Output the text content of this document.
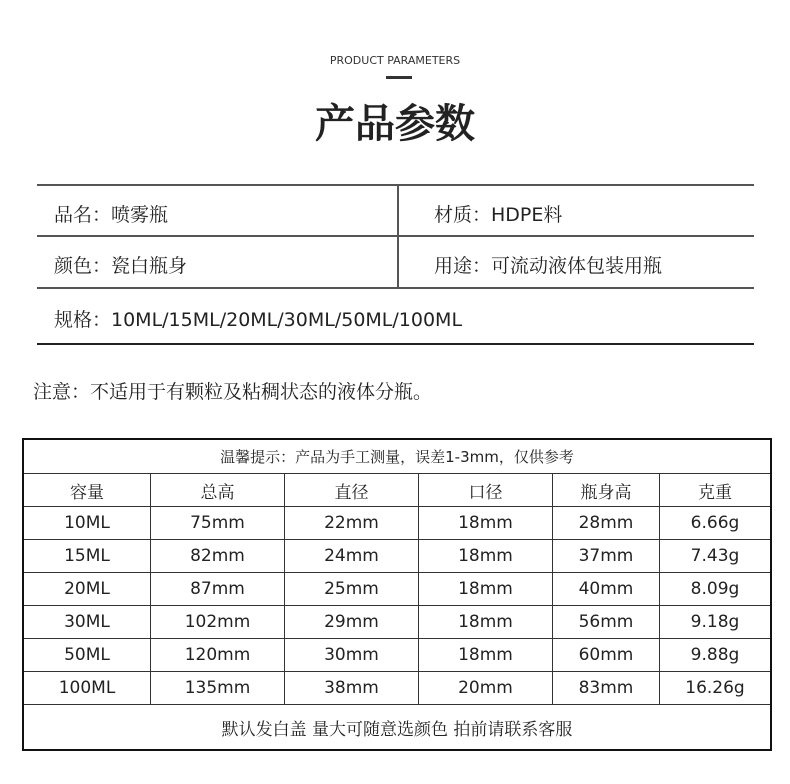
PRODUCT PARAMETERS
产品参数
品名：喷雾瓶	材质：HDPE料
颜色：瓷白瓶身	用途：可流动液体包装用瓶
规格：10ML/15ML/20ML/30ML/50ML/100ML
注意：不适用于有颗粒及粘稠状态的液体分瓶。
温馨提示：产品为手工测量，误差1-3mm，仅供参考					
容量	总高	直径	口径	瓶身高	克重
10ML	75mm	22mm	18mm	28mm	6.66g
15ML	82mm	24mm	18mm	37mm	7.43g
20ML	87mm	25mm	18mm	40mm	8.09g
30ML	102mm	29mm	18mm	56mm	9.18g
50ML	120mm	30mm	18mm	60mm	9.88g
100ML	135mm	38mm	20mm	83mm	16.26g
默认发白盖 量大可随意选颜色 拍前请联系客服					
